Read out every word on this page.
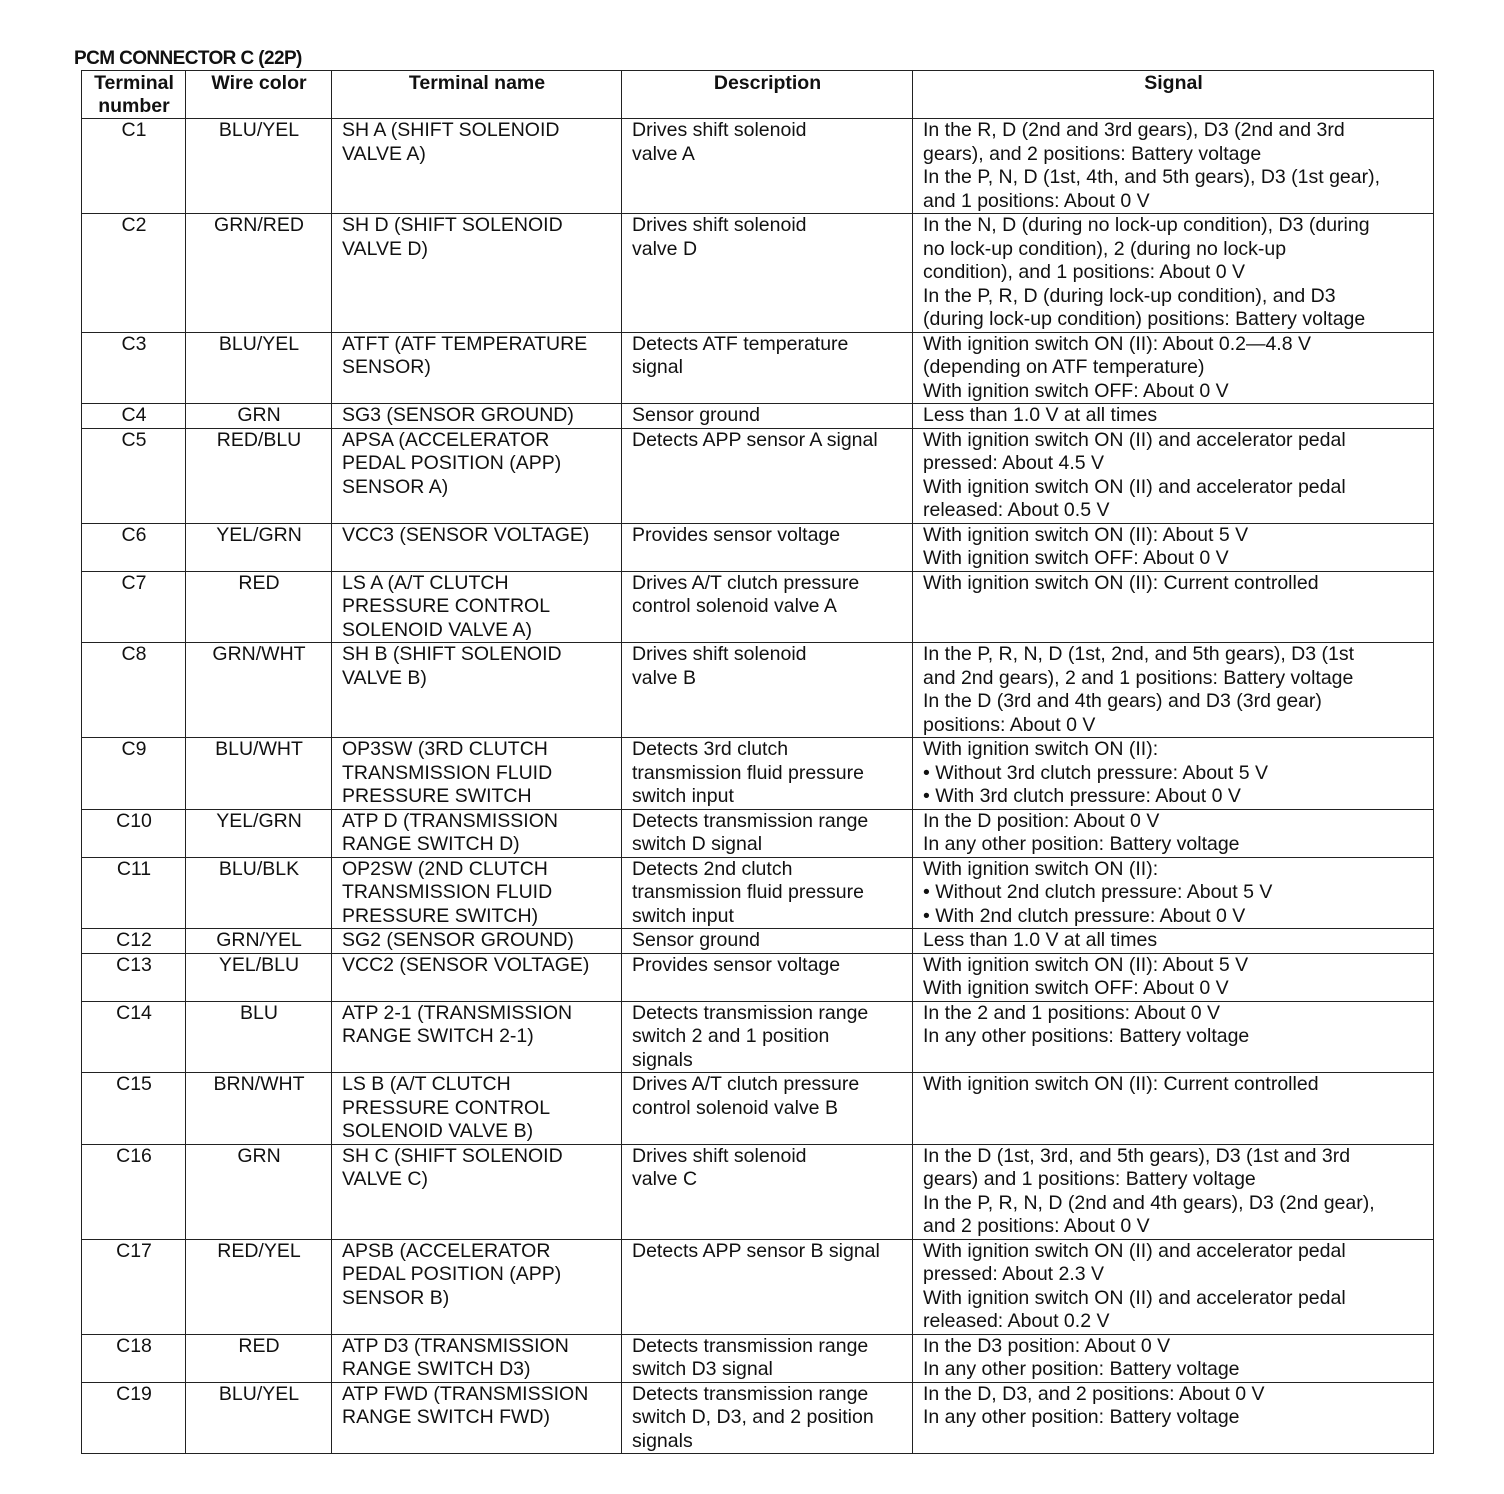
PCM CONNECTOR C (22P)
Terminal
number	Wire color	Terminal name	Description	Signal
C1	BLU/YEL	SH A (SHIFT SOLENOID
VALVE A)	Drives shift solenoid
valve A	In the R, D (2nd and 3rd gears), D3 (2nd and 3rd
gears), and 2 positions: Battery voltage
In the P, N, D (1st, 4th, and 5th gears), D3 (1st gear),
and 1 positions: About 0 V

C2	GRN/RED	SH D (SHIFT SOLENOID
VALVE D)	Drives shift solenoid
valve D	In the N, D (during no lock-up condition), D3 (during
no lock-up condition), 2 (during no lock-up
condition), and 1 positions: About 0 V
In the P, R, D (during lock-up condition), and D3
(during lock-up condition) positions: Battery voltage

C3	BLU/YEL	ATFT (ATF TEMPERATURE
SENSOR)	Detects ATF temperature
signal	With ignition switch ON (II): About 0.2—4.8 V
(depending on ATF temperature)
With ignition switch OFF: About 0 V

C4	GRN	SG3 (SENSOR GROUND)	Sensor ground	Less than 1.0 V at all times

C5	RED/BLU	APSA (ACCELERATOR
PEDAL POSITION (APP)
SENSOR A)	Detects APP sensor A signal	With ignition switch ON (II) and accelerator pedal
pressed: About 4.5 V
With ignition switch ON (II) and accelerator pedal
released: About 0.5 V

C6	YEL/GRN	VCC3 (SENSOR VOLTAGE)	Provides sensor voltage	With ignition switch ON (II): About 5 V
With ignition switch OFF: About 0 V

C7	RED	LS A (A/T CLUTCH
PRESSURE CONTROL
SOLENOID VALVE A)	Drives A/T clutch pressure
control solenoid valve A	With ignition switch ON (II): Current controlled

C8	GRN/WHT	SH B (SHIFT SOLENOID
VALVE B)	Drives shift solenoid
valve B	In the P, R, N, D (1st, 2nd, and 5th gears), D3 (1st
and 2nd gears), 2 and 1 positions: Battery voltage
In the D (3rd and 4th gears) and D3 (3rd gear)
positions: About 0 V

C9	BLU/WHT	OP3SW (3RD CLUTCH
TRANSMISSION FLUID
PRESSURE SWITCH	Detects 3rd clutch
transmission fluid pressure
switch input	With ignition switch ON (II):
• Without 3rd clutch pressure: About 5 V
• With 3rd clutch pressure: About 0 V

C10	YEL/GRN	ATP D (TRANSMISSION
RANGE SWITCH D)	Detects transmission range
switch D signal	In the D position: About 0 V
In any other position: Battery voltage

C11	BLU/BLK	OP2SW (2ND CLUTCH
TRANSMISSION FLUID
PRESSURE SWITCH)	Detects 2nd clutch
transmission fluid pressure
switch input	With ignition switch ON (II):
• Without 2nd clutch pressure: About 5 V
• With 2nd clutch pressure: About 0 V

C12	GRN/YEL	SG2 (SENSOR GROUND)	Sensor ground	Less than 1.0 V at all times

C13	YEL/BLU	VCC2 (SENSOR VOLTAGE)	Provides sensor voltage	With ignition switch ON (II): About 5 V
With ignition switch OFF: About 0 V

C14	BLU	ATP 2-1 (TRANSMISSION
RANGE SWITCH 2-1)	Detects transmission range
switch 2 and 1 position
signals	In the 2 and 1 positions: About 0 V
In any other positions: Battery voltage

C15	BRN/WHT	LS B (A/T CLUTCH
PRESSURE CONTROL
SOLENOID VALVE B)	Drives A/T clutch pressure
control solenoid valve B	With ignition switch ON (II): Current controlled

C16	GRN	SH C (SHIFT SOLENOID
VALVE C)	Drives shift solenoid
valve C	In the D (1st, 3rd, and 5th gears), D3 (1st and 3rd
gears) and 1 positions: Battery voltage
In the P, R, N, D (2nd and 4th gears), D3 (2nd gear),
and 2 positions: About 0 V

C17	RED/YEL	APSB (ACCELERATOR
PEDAL POSITION (APP)
SENSOR B)	Detects APP sensor B signal	With ignition switch ON (II) and accelerator pedal
pressed: About 2.3 V
With ignition switch ON (II) and accelerator pedal
released: About 0.2 V

C18	RED	ATP D3 (TRANSMISSION
RANGE SWITCH D3)	Detects transmission range
switch D3 signal	In the D3 position: About 0 V
In any other position: Battery voltage

C19	BLU/YEL	ATP FWD (TRANSMISSION
RANGE SWITCH FWD)	Detects transmission range
switch D, D3, and 2 position
signals	In the D, D3, and 2 positions: About 0 V
In any other position: Battery voltage
